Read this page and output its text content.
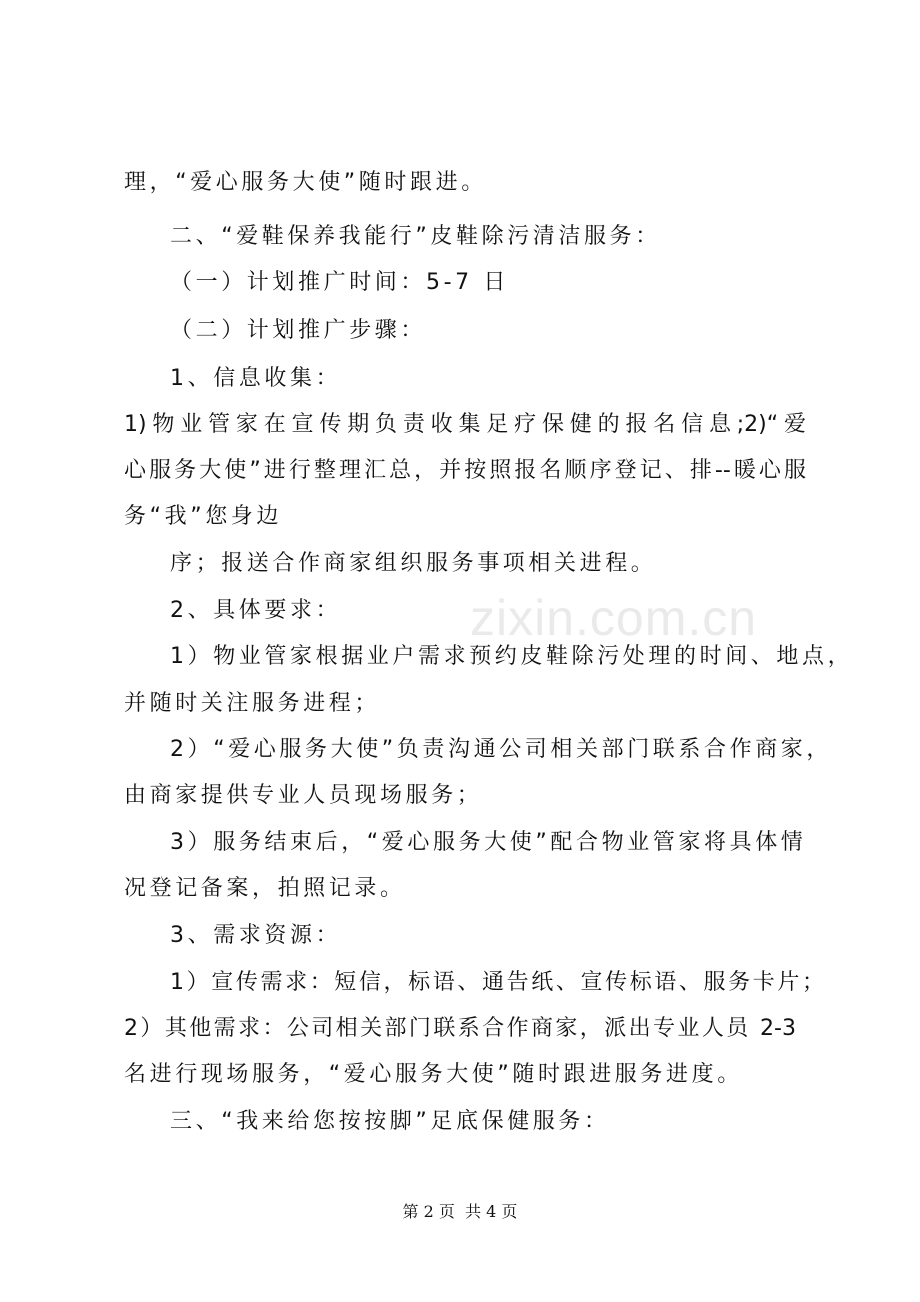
zixin.com.cn

理，“爱心服务大使”随时跟进。

二、“爱鞋保养我能行”皮鞋除污清洁服务：

（一）计划推广时间：5-7 日

（二）计划推广步骤：

1、信息收集：

1)物业管家在宣传期负责收集足疗保健的报名信息;2)“爱

心服务大使”进行整理汇总，并按照报名顺序登记、排--暖心服

务“我”您身边

序；报送合作商家组织服务事项相关进程。

2、具体要求：

1）物业管家根据业户需求预约皮鞋除污处理的时间、地点，

并随时关注服务进程；

2）“爱心服务大使”负责沟通公司相关部门联系合作商家，

由商家提供专业人员现场服务；

3）服务结束后，“爱心服务大使”配合物业管家将具体情

况登记备案，拍照记录。

3、需求资源：

1）宣传需求：短信，标语、通告纸、宣传标语、服务卡片；

2）其他需求：公司相关部门联系合作商家，派出专业人员 2-3

名进行现场服务，“爱心服务大使”随时跟进服务进度。

三、“我来给您按按脚”足底保健服务：

第 2 页  共 4 页
